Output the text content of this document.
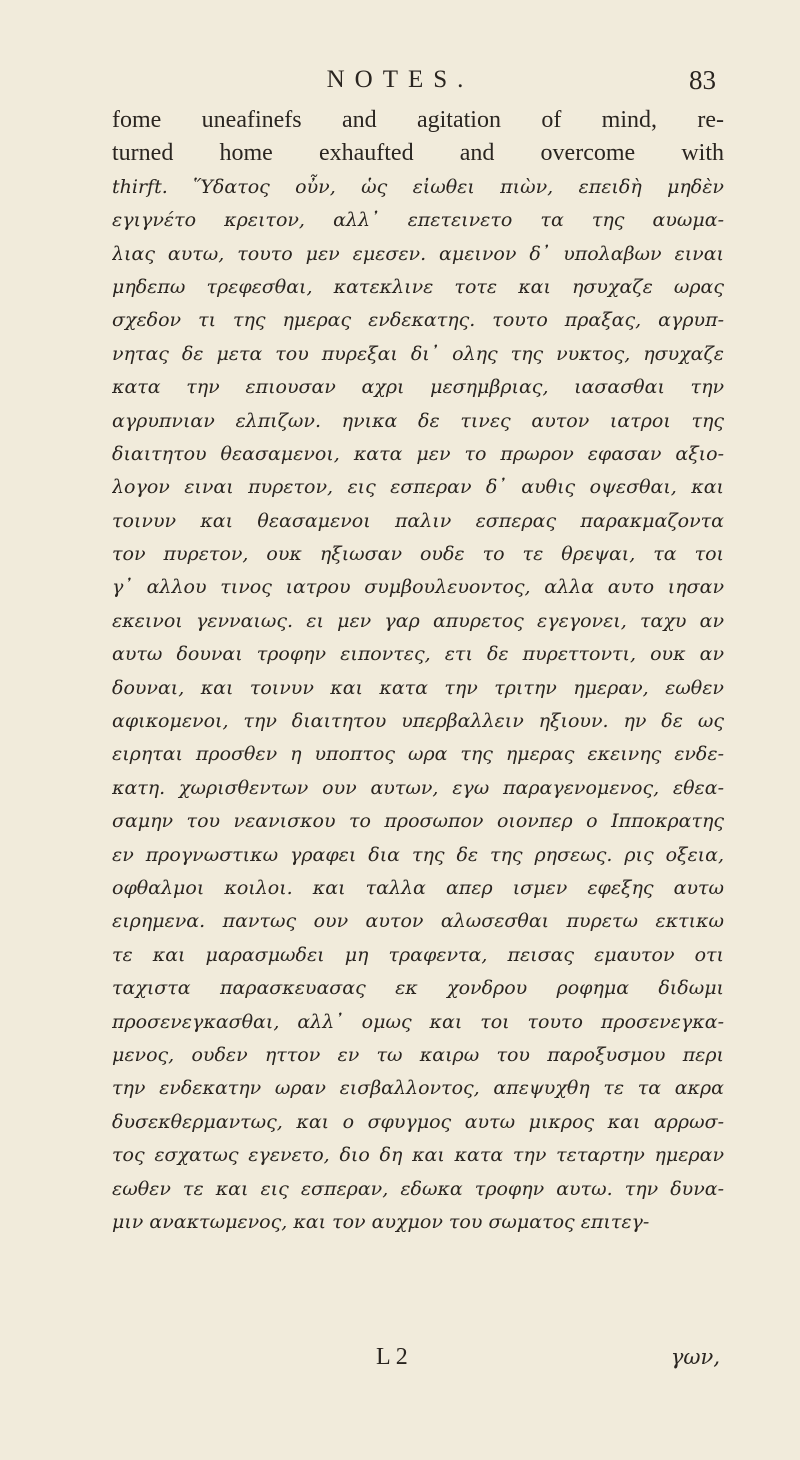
NOTES.	83
fome uneafinefs and agitation of mind, re-
turned home exhaufted and overcome with
thirft. Ὕδατος οὖν, ὡς εἰωθει πιὼν, επειδὴ μηδὲν
εγιγνέτο κρειτον, αλλ᾽ επετεινετο τα της αυωμα-
λιας αυτω, τουτο μεν εμεσεν. αμεινον δ᾽ υπολαβων ειναι
μηδεπω τρεφεσθαι, κατεκλινε τοτε και ησυχαζε ωρας
σχεδον τι της ημερας ενδεκατης. τουτο πραξας, αγρυπ-
νητας δε μετα του πυρεξαι δι᾽ ολης της νυκτος, ησυχαζε
κατα την επιουσαν αχρι μεσημβριας, ιασασθαι την
αγρυπνιαν ελπιζων. ηνικα δε τινες αυτον ιατροι της
διαιτητου θεασαμενοι, κατα μεν το πρωρον εφασαν αξιο-
λογον ειναι πυρετον, εις εσπεραν δ᾽ αυθις οψεσθαι, και
τοινυν και θεασαμενοι παλιν εσπερας παρακμαζοντα
τον πυρετον, ουκ ηξιωσαν ουδε το τε θρεψαι, τα τοι
γ᾽ αλλου τινος ιατρου συμβουλευοντος, αλλα αυτο ιησαν
εκεινοι γενναιως. ει μεν γαρ απυρετος εγεγονει, ταχυ αν
αυτω δουναι τροφην ειποντες, ετι δε πυρεττοντι, ουκ αν
δουναι, και τοινυν και κατα την τριτην ημεραν, εωθεν
αφικομενοι, την διαιτητου υπερβαλλειν ηξιουν. ην δε ως
ειρηται προσθεν η υποπτος ωρα της ημερας εκεινης ενδε-
κατη. χωρισθεντων ουν αυτων, εγω παραγενομενος, εθεα-
σαμην του νεανισκου το προσωπον οιονπερ ο Ιπποκρατης
εν προγνωστικω γραφει δια της δε της ρησεως. ρις οξεια,
οφθαλμοι κοιλοι. και ταλλα απερ ισμεν εφεξης αυτω
ειρημενα. παντως ουν αυτον αλωσεσθαι πυρετω εκτικω
τε και μαρασμωδει μη τραφεντα, πεισας εμαυτον οτι
ταχιστα παρασκευασας εκ χονδρου ροφημα διδωμι
προσενεγκασθαι, αλλ᾽ ομως και τοι τουτο προσενεγκα-
μενος, ουδεν ηττον εν τω καιρω του παροξυσμου περι
την ενδεκατην ωραν εισβαλλοντος, απεψυχθη τε τα ακρα
δυσεκθερμαντως, και ο σφυγμος αυτω μικρος και αρρωσ-
τος εσχατως εγενετο, διο δη και κατα την τεταρτην ημεραν
εωθεν τε και εις εσπεραν, εδωκα τροφην αυτω. την δυνα-
μιν ανακτωμενος, και τον αυχμον του σωματος επιτεγ-
L 2	γων,
